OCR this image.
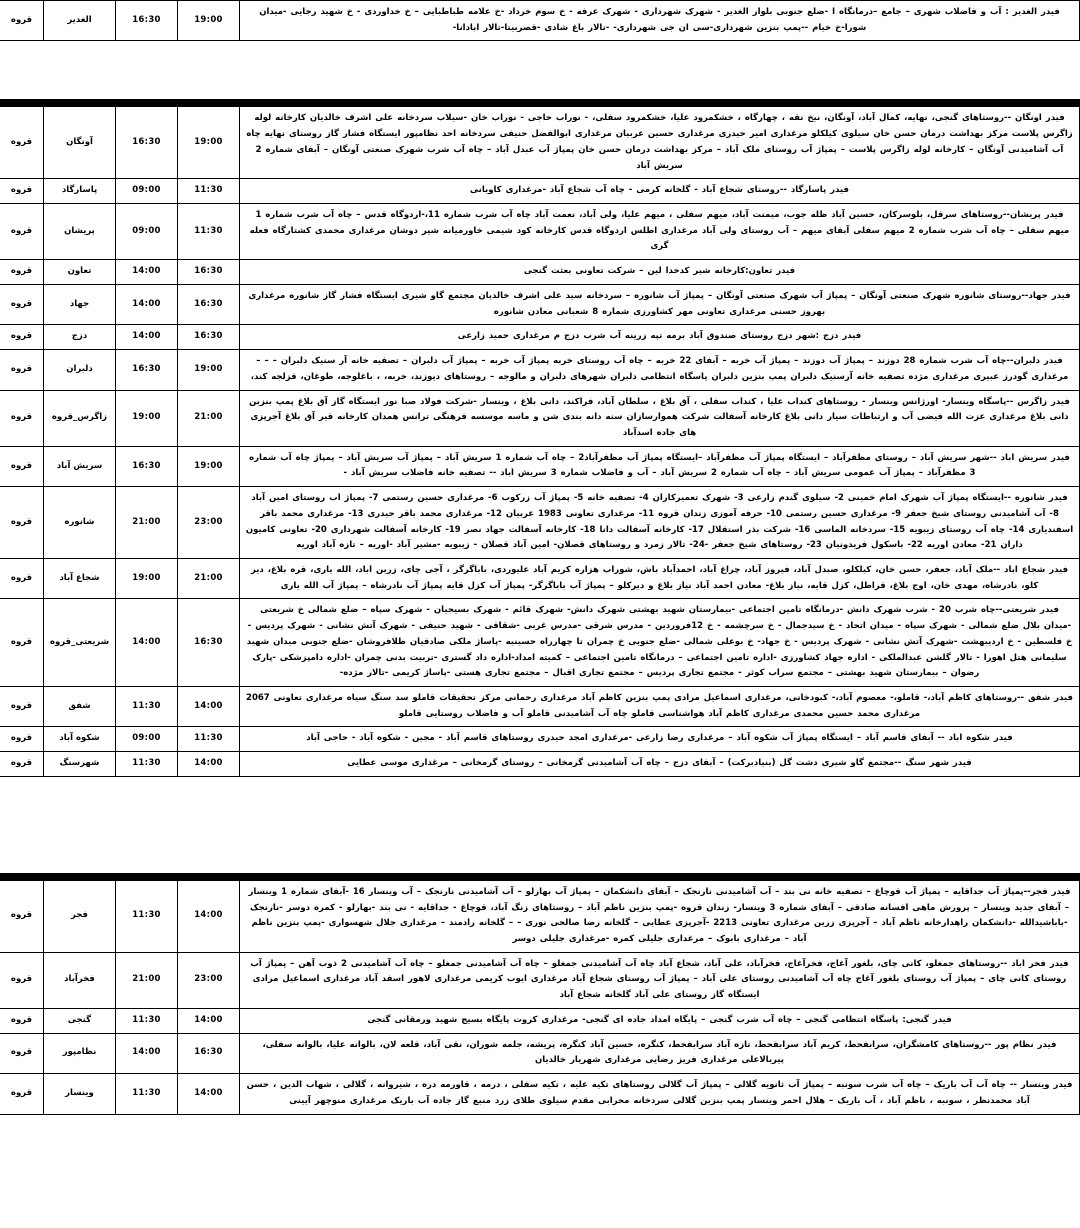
فیدر الغدیر : آب و فاضلاب شهری – جامع –درمانگاه ا -ضلع جنوبی بلوار الغدیر - شهرک شهرداری - شهرک عرفه - خ سوم خرداد -خ علامه طباطبایی – خ خداوردی - خ شهید رجایی -میدان شورا-خ خیام --پمپ بنزین شهرداری-سی ان جی شهرداری- -تالار باغ شادی -قصربیتا-تالار ابادانا-	19:00	16:30	الغدیر	قروه
فیدر اونگان --روستاهای گنجی، نهایه، کمال آباد، آونگان، نیخ نقه ، چهارگاه ، خشکمرود علیا، خشکمرود سفلی، - نوراب حاجی - نوراب خان -سیلاب سردخانه علی اشرف خالدیان کارخانه لوله زاگرس پلاست مرکز بهداشت درمان حسن خان سیلوی کیلکلو مرغداری امیر حیدری مرغداری حسین عربیان مرغداری ابوالفضل حنیفی سردخانه احد نظامپور ایستگاه فشار گاز روستای نهایه چاه آب آشامیدنی آونگان – کارخانه لوله زاگرس پلاست – پمپاژ آب روستای ملک آباد – مرکز بهداشت درمان حسن خان پمپاژ آب عبدل آباد – چاه آب شرب شهرک صنعتی آونگان – آبفای شماره 2 سریش آباد	19:00	16:30	آونگان	قروه
فیدر پاسارگاد --روستای شجاع آباد - گلخانه کرمی - چاه آب شجاع آباد -مرغداری کاویانی	11:30	09:00	پاسارگاد	قروه
فیدر پریشان--روستاهای سرقل، بلوسرکان، حسین آباد ظله جوب، میمنت آباد، میهم سفلی ، میهم علیا، ولی آباد، نعمت آباد چاه آب شرب شماره 11،-اردوگاه قدس – چاه آب شرب شماره 1 میهم سفلی – چاه آب شرب شماره 2 میهم سفلی آبفای میهم – آب روستای ولی آباد مرغداری اطلس اردوگاه قدس کارخانه کود شیمی خاورمیانه شیر دوشان مرغداری محمدی کشتارگاه فعله گری	11:30	09:00	پریشان	قروه
فیدر تعاون:کارخانه شیر کدخدا لین – شرکت تعاونی بعثت گنجی	16:30	14:00	تعاون	قروه
فیدر جهاد--روستای شانوره شهرک صنعتی آونگان – پمپاژ آب شهرک صنعتی آونگان – پمپاژ آب شانوره – سردخانه سید علی اشرف خالدیان مجتمع گاو شیری ایستگاه فشار گاز شانوره مرغداری بهروز حسنی مرغداری تعاونی مهر کشاورزی شماره 8 شعبانی معادن شانوره	16:30	14:00	جهاد	قروه
فیدر دزج :شهر دزج روستای صندوق آباد برمه تپه زرینه آب شرب دزج م مرغداری حمید زارعی	16:30	14:00	دزج	قروه
فیدر دلبران--چاه آب شرب شماره 28 دوزند – پمپاژ آب دوزند – پمپاژ آب خربه – آبفای 22 خربه – چاه آب روستای خربه پمپاژ آب خربه – پمپاژ آب دلبران – تصفیه خانه آر سنیک دلبران – – – مرغداری گودرز عبیری مرغداری مژده تصفیه خانه آرسنیک دلبران پمپ بنزین دلبران پاسگاه انتظامی دلبران شهرهای دلبران و مالوجه – روستاهای دیوزند، خربه، ، باغلوجه، طوغان، قزلجه کند،	19:00	16:30	دلبران	قروه
فیدر زاگرس --پاسگاه وینسار- اورژانس وینسار - روستاهای کنداب علیا ، کنداب سفلی ، آق بلاغ ، سلطان آباد، فراکند، دانی بلاغ ، وینسار -شرکت فولاد صبا نور ایستگاه گاز آق بلاغ پمپ بنزین دانی بلاغ مرغداری عزت الله فیضی آب و ارتباطات سیار دانی بلاغ کارخانه آسفالت شرکت هموارسازان سنه دانه بندی شن و ماسه موسسه فرهنگی ترانس همدان کارخانه قیر آق بلاغ آجرپزی های جاده اسدآباد	21:00	19:00	زاگرس_قروه	قروه
فیدر سریش اباد --شهر سریش آباد – روستای مظفرآباد – ایستگاه پمپاژ آب مظفرآباد –ایستگاه پمپاژ آب مظفرآباد2 – چاه آب شماره 1 سریش آباد – پمپاژ آب سریش آباد – پمپاژ چاه آب شماره 3 مظفرآباد – پمپاژ آب عمومی سریش آباد – چاه آب شماره 2 سریش آباد – آب و فاضلاب شماره 3 سریش اباد -- تصفیه خانه فاضلاب سریش آباد -	19:00	16:30	سریش آباد	قروه
فیدر شانوره --ایستگاه پمپاژ آب شهرک امام خمینی 2- سیلوی گندم زارعی 3- شهرک تعمیرکاران 4- تصفیه خانه 5- پمپاژ آب زرکوب 6- مرغداری حسین رستمی 7- پمپاژ اب روستای امین آباد 8- آب آشامیدنی روستای شیخ جعفر 9- مرغداری حسین رستمی 10- حرفه آموزی زندان قروه 11- مرغداری تعاونی 1983 عربیان 12- مرغداری محمد باقر حیدری 13- مرغداری محمد باقر اسفندیاری 14- چاه آب روستای زیبویه 15- سردخانه الماسی 16- شرکت بذر استقلال 17- کارخانه آسفالت دانا 18- کارخانه آسفالت جهاد نصر 19- کارخانه آسفالت شهرداری 20- تعاونی کامیون داران 21- معادن اوریه 22- باسکول فریدونیان 23- روستاهای شیخ جعفر -24- تالار زمرد و روستاهای قصلان- امین آباد قصلان - زیبویه -مشیر آباد -اوریه – تازه آباد اوریه	23:00	21:00	شانوره	قروه
فیدر شجاع اباد --ملک آباد، جعفر، حسن خان، کیلکلو، صبدل آباد، فیروز آباد، چراغ آباد، احمدآباد باش، شوراب هزاره کریم آباد علیوردی، باباگرگر ، آجی چای، زرین اباد، الله یاری، قره بلاغ، دیر کلو، نادرشاه، مهدی خان، اوج بلاغ، قراطل، کزل قایه، نیاز بلاغ- معادن احمد آباد نیاز بلاغ و دیرکلو – پمپاژ آب باباگرگر- پمپاژ آب کزل قایه پمپاژ آب نادرشاه – پمپاژ آب الله یاری	21:00	19:00	شجاع آباد	قروه
فیدر شریعتی--چاه شرب 20 - شرب شهرک دانش -درمانگاه تامین اجتماعی -بیمارستان شهید بهشتی شهرک دانش- شهرک قائم - شهرک بسیجیان - شهرک سپاه – ضلع شمالی خ شریعتی -میدان بلال ضلع شمالی - شهرک سپاه - میدان اتحاد - خ سیدجمال - خ سرچشمه - خ 12فروردین - مدرس شرقی -مدرس غربی -شقاقی - شهید حنیفی - شهرک آتش نشانی - شهرک پردیس - خ فلسطین - خ اردیبهشت -شهرک آتش نشانی - شهرک پردیس - خ جهاد- خ بوعلی شمالی -ضلع جنوبی خ چمران تا چهارراه حسینیه -پاساژ ملکی صادقیان طلافروشان -ضلع جنوبی میدان شهید سلیمانی هتل اهورا - تالار گلشن عبدالملکی - اداره جهاد کشاورزی -اداره تامین اجتماعی – درمانگاه تامین اجتماعی – کمیته امداد-اداره داد گستری -تربیت بدنی چمران -اداره دامپزشکی -پارک رضوان – بیمارستان شهید بهشتی – مجتمع سراب کوثر - مجتمع تجاری پردیس – مجتمع تجاری اقبال – مجتمع تجاری هستی -پاساژ کریمی -تالار مژده-	16:30	14:00	شریعتی_قروه	قروه
فیدر شفق --روستاهای کاظم آباد،- قاملو،- معصوم آباد،- کبودخانی، مرغداری اسماعیل مرادی پمپ بنزین کاظم آباد مرغداری رحمانی مرکز تحقیقات قاملو سد سنگ سیاه مرغداری تعاونی 2067 مرغداری محمد حسین محمدی مرغداری کاظم آباد هواشناسی قاملو چاه آب آشامیدنی قاملو آب و فاضلاب روستایی قاملو	14:00	11:30	شفق	قروه
فیدر شکوه اباد -- آبفای قاسم آباد – ایستگاه پمپاژ آب شکوه آباد – مرغداری رضا زارعی -مرغداری امجد حیدری روستاهای قاسم آباد - مجین - شکوه آباد - حاجی آباد	11:30	09:00	شکوه آباد	قروه
فیدر شهر سنگ --مجتمع گاو شیری دشت گل (بنیادبرکت) – آبفای دزج – چاه آب آشامیدنی گرمخانی – روستای گرمخانی – مرغداری موسی عطایی	14:00	11:30	شهرسنگ	قروه
فیدر فجر--پمپاژ آب جداقایه – پمپاژ آب قوچاغ – تصفیه خانه نی بند – آب آشامیدنی نارنجک – آبفای دانشکمان – پمپاژ آب بهارلو – آب آشامیدنی نارنجک – آب وینسار 16 -آبفای شماره 1 وینسار – آبفای جدید وینسار – پرورش ماهی افسانه صادقی – آبفای شماره 3 وینسار- زندان قروه -پمپ بنزین ناظم آباد – روستاهای زنگ آباد، قوچاغ - جداقایه - نی بند -بهارلو - کمره دوسر -نارنجک -باباشیدالله -دانشکمان راهدارخانه ناظم آباد – آجرپزی زرین مرغداری تعاونی 2213 -آجرپزی عطایی – گلخانه رضا صالحی نوری – – گلخانه رادمند – مرغداری جلال شهسواری -پمپ بنزین ناظم آباد – مرغداری بابوک – مرغداری جلیلی کمره -مرغداری جلیلی دوسر	14:00	11:30	فجر	قروه
فیدر فخر اباد --روستاهای جمغلو، کانی چای، بلغور آغاج، فخرآغاج، فخرآباد، علی آباد، شجاع آباد چاه آب آشامیدنی جمغلو – چاه آب آشامیدنی جمغلو – چاه آب آشامیدنی 2 ذوب آهن – پمپاژ آب روستای کانی چای – پمپاژ آب روستای بلغور آغاج چاه آب آشامیدنی روستای علی آباد – پمپاژ آب روستای شجاع آباد مرغداری ایوب کریمی مرغداری لاهور اسفد آباد مرغداری اسماعیل مرادی ایستگاه گاز روستای علی آباد گلخانه شجاع آباد	23:00	21:00	فخرآباد	قروه
فیدر گنجی: پاسگاه انتظامی گنجی – چاه آب شرب گنجی – پایگاه امداد جاده ای گنجی- مرغداری کروت پایگاه بسیج شهید ورمقانی گنجی	14:00	11:30	گنجی	قروه
فیدر نظام پور --روستاهای کامشگران، سرابفحط، کریم آباد سرابفحط، تازه آباد سرابفحط، کنگره، حسین آباد کنگره، پریشه، جلمه شوران، نقی آباد، قلعه لان، بالوانه علیا، بالوانه سفلی، پیربالاعلی مرغداری فریز رضایی مرغداری شهریار خالدیان	16:30	14:00	نظامپور	قروه
فیدر وینسار -- چاه آب آب باریک – چاه آب شرب سونبه – پمپاژ آب ثانویه گلالی – پمپاژ آب گلالی روستاهای تکیه علیه ، تکیه سفلی ، درمه ، قاورمه دره ، شیروانه ، گلالی ، شهاب الدین ، حسن آباد محمدنظر ، سونبه ، ناظم آباد ، آب باریک – هلال احمر وینسار پمپ بنزین گلالی سردخانه محرابی مقدم سیلوی طلای زرد منبع گاز جاده آب باریک مرغداری منوچهر آیینی	14:00	11:30	وینسار	قروه
